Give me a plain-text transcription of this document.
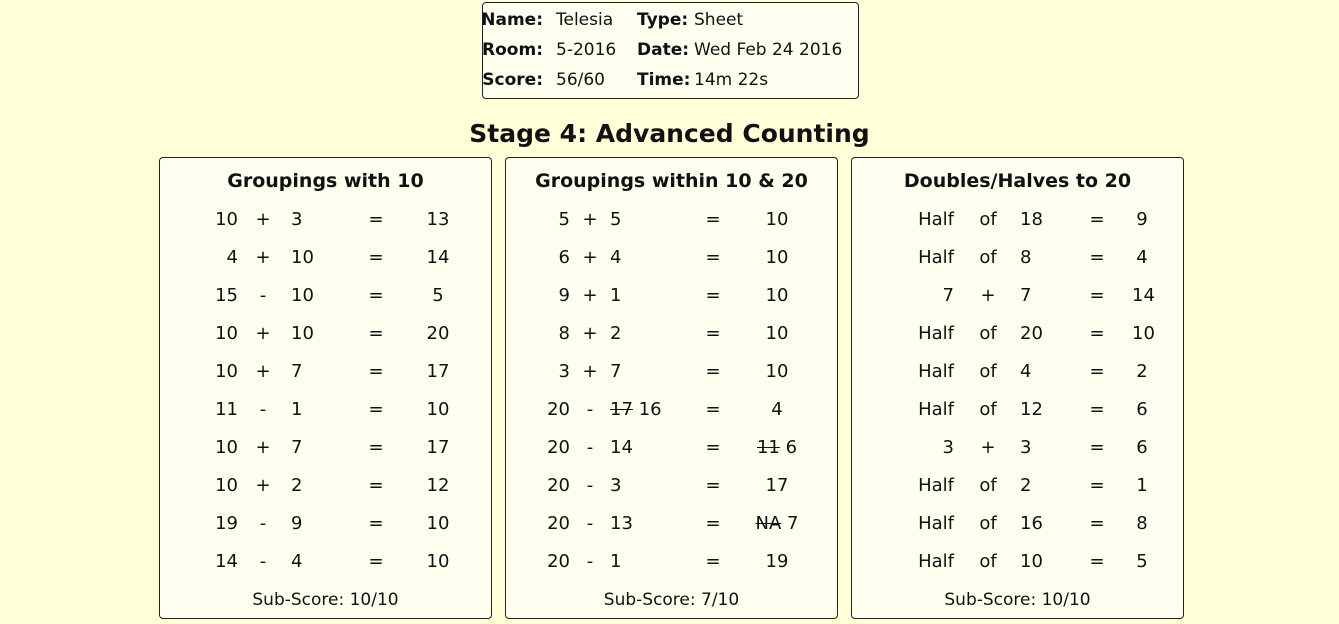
Name: Telesia Type: Sheet
Room: 5-2016 Date: Wed Feb 24 2016
Score: 56/60 Time: 14m 22s
Stage 4: Advanced Counting
Groupings with 10
10 + 3	=	13
4 + 10	=	14
15 - 10	=	5
10 + 10	=	20
10 + 7	=	17
11 - 1	=	10
10 + 7	=	17
10 + 2	=	12
19 - 9	=	10
14 - 4	=	10
Sub-Score: 10/10
Groupings within 10 & 20
5 + 5	=	10
6 + 4	=	10
9 + 1	=	10
8 + 2	=	10
3 + 7	=	10
20 - 17 16	=	4
20 - 14	=	11 6
20 - 3	=	17
20 - 13	=	NA 7
20 - 1	=	19
Sub-Score: 7/10
Doubles/Halves to 20
Half of 18	= 9
Half of 8	= 4
7 + 7	= 14
Half of 20	= 10
Half of 4	= 2
Half of 12	= 6
3 + 3	= 6
Half of 2	= 1
Half of 16	= 8
Half of 10	= 5
Sub-Score: 10/10
